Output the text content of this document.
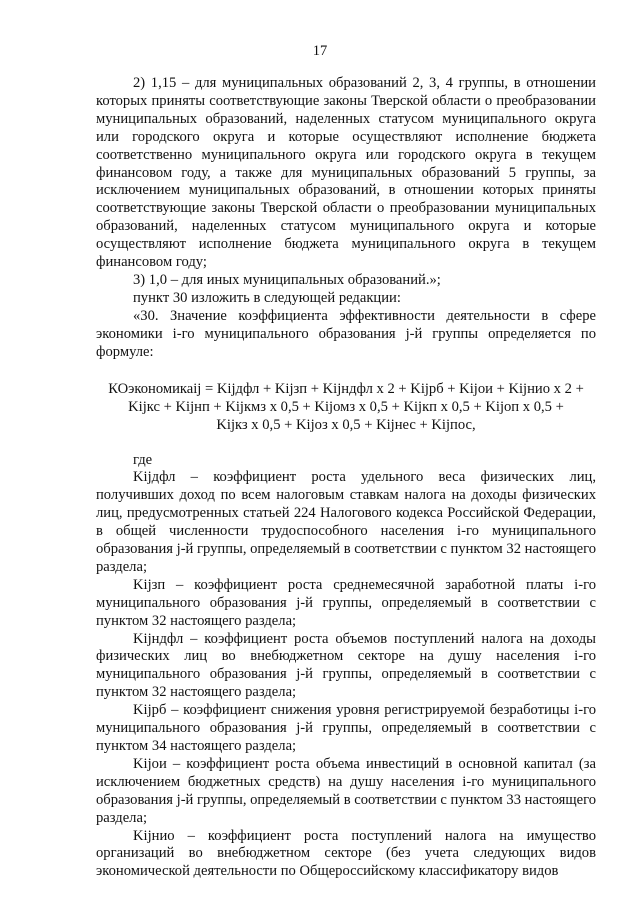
17

2) 1,15 – для муниципальных образований 2, 3, 4 группы, в отношении которых приняты соответствующие законы Тверской области о преобразовании муниципальных образований, наделенных статусом муниципального округа или городского округа и которые осуществляют исполнение бюджета соответственно муниципального округа или городского округа в текущем финансовом году, а также для муниципальных образований 5 группы, за исключением муниципальных образований, в отношении которых приняты соответствующие законы Тверской области о преобразовании муниципальных образований, наделенных статусом муниципального округа и которые осуществляют исполнение бюджета муниципального округа в текущем финансовом году;

3) 1,0 – для иных муниципальных образований.»;

пункт 30 изложить в следующей редакции:

«30. Значение коэффициента эффективности деятельности в сфере экономики i-го муниципального образования j-й группы определяется по формуле:

КОэкономикаij = Kijдфл + Kijзп + Kijндфл х 2 + Kijрб + Kijои + Kijнио х 2 +

Kijкс + Kijнп + Kijкмз х 0,5 + Kijомз х 0,5 + Kijкп х 0,5 + Kijоп х 0,5 +

Kijкз х 0,5 + Kijоз х 0,5 + Kijнес + Kijпос,

где

Kijдфл – коэффициент роста удельного веса физических лиц, получивших доход по всем налоговым ставкам налога на доходы физических лиц, предусмотренных статьей 224 Налогового кодекса Российской Федерации, в общей численности трудоспособного населения i-го муниципального образования j-й группы, определяемый в соответствии с пунктом 32 настоящего раздела;

Kijзп – коэффициент роста среднемесячной заработной платы i-го муниципального образования j-й группы, определяемый в соответствии с пунктом 32 настоящего раздела;

Kijндфл – коэффициент роста объемов поступлений налога на доходы физических лиц во внебюджетном секторе на душу населения i-го муниципального образования j-й группы, определяемый в соответствии с пунктом 32 настоящего раздела;

Kijрб – коэффициент снижения уровня регистрируемой безработицы i-го муниципального образования j-й группы, определяемый в соответствии с пунктом 34 настоящего раздела;

Kijои – коэффициент роста объема инвестиций в основной капитал (за исключением бюджетных средств) на душу населения i-го муниципального образования j-й группы, определяемый в соответствии с пунктом 33 настоящего раздела;

Kijнио – коэффициент роста поступлений налога на имущество организаций во внебюджетном секторе (без учета следующих видов экономической деятельности по Общероссийскому классификатору видов
